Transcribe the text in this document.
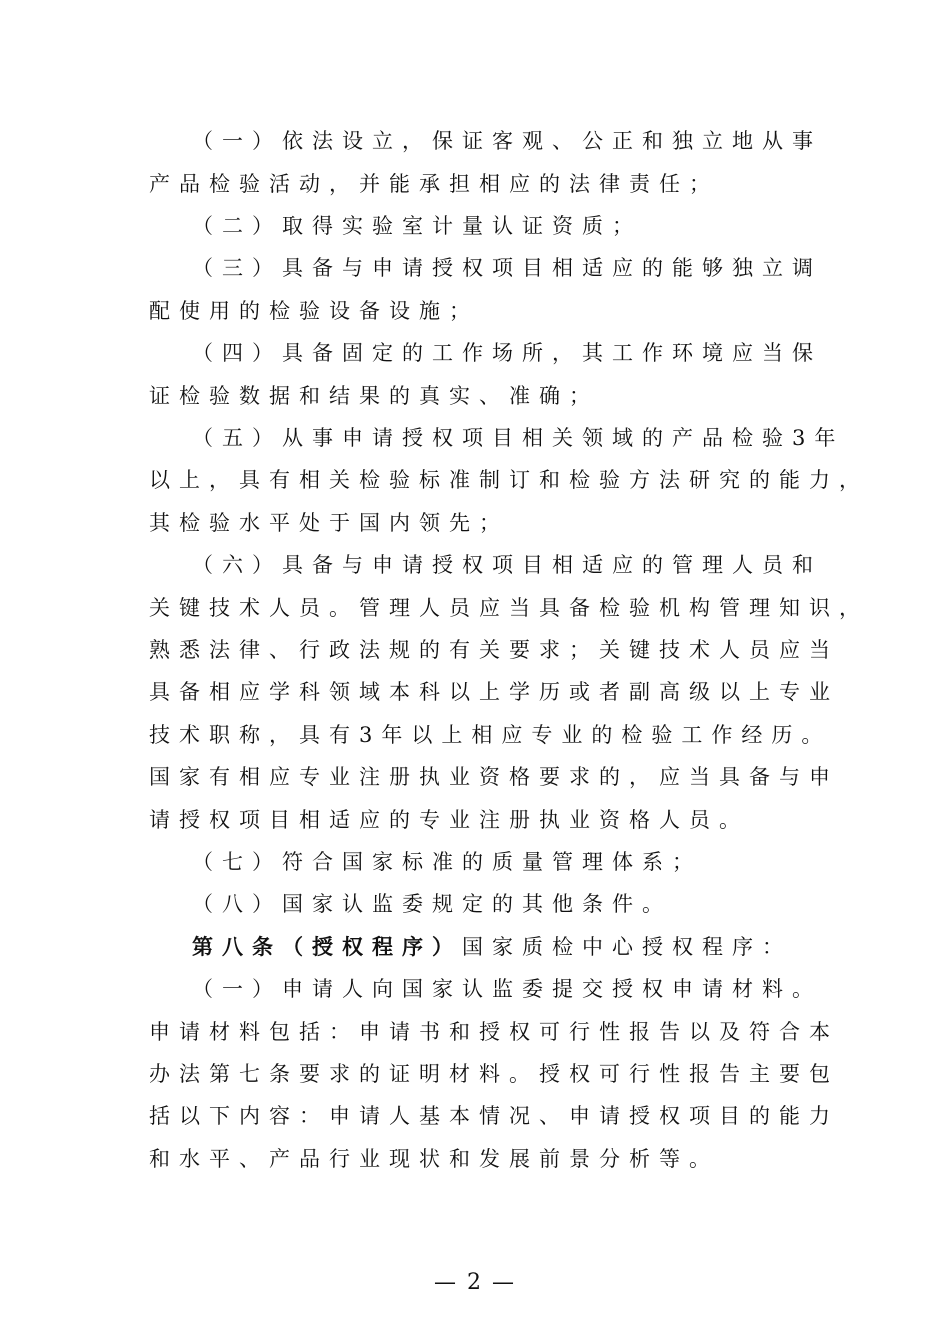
（一）依法设立，保证客观、公正和独立地从事
产品检验活动，并能承担相应的法律责任；
（二）取得实验室计量认证资质；
（三）具备与申请授权项目相适应的能够独立调
配使用的检验设备设施；
（四）具备固定的工作场所，其工作环境应当保
证检验数据和结果的真实、准确；
（五）从事申请授权项目相关领域的产品检验3年
以上，具有相关检验标准制订和检验方法研究的能力，
其检验水平处于国内领先；
（六）具备与申请授权项目相适应的管理人员和
关键技术人员。管理人员应当具备检验机构管理知识，
熟悉法律、行政法规的有关要求；关键技术人员应当
具备相应学科领域本科以上学历或者副高级以上专业
技术职称，具有3年以上相应专业的检验工作经历。
国家有相应专业注册执业资格要求的，应当具备与申
请授权项目相适应的专业注册执业资格人员。
（七）符合国家标准的质量管理体系；
（八）国家认监委规定的其他条件。
第八条（授权程序）国家质检中心授权程序：
（一）申请人向国家认监委提交授权申请材料。
申请材料包括：申请书和授权可行性报告以及符合本
办法第七条要求的证明材料。授权可行性报告主要包
括以下内容：申请人基本情况、申请授权项目的能力
和水平、产品行业现状和发展前景分析等。
— 2 —
